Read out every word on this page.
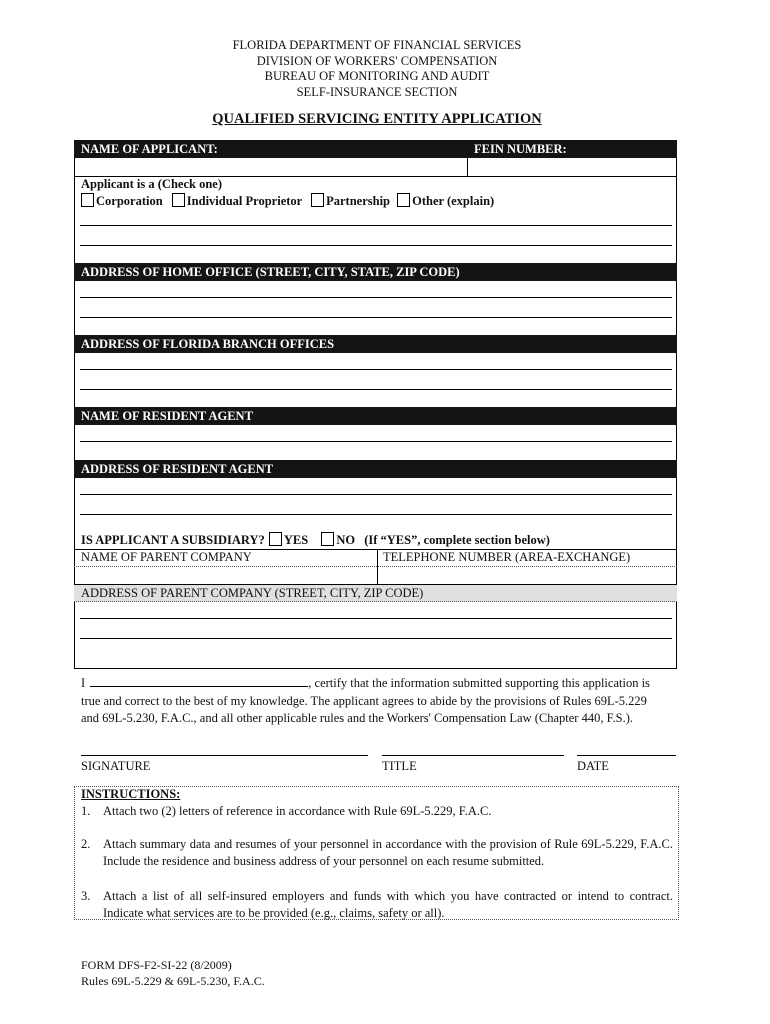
FLORIDA DEPARTMENT OF FINANCIAL SERVICES
DIVISION OF WORKERS' COMPENSATION
BUREAU OF MONITORING AND AUDIT
SELF-INSURANCE SECTION
QUALIFIED SERVICING ENTITY APPLICATION
NAME OF APPLICANT:	FEIN NUMBER:
Applicant is a (Check one)
Corporation Individual Proprietor Partnership Other (explain)
ADDRESS OF HOME OFFICE (STREET, CITY, STATE, ZIP CODE)
ADDRESS OF FLORIDA BRANCH OFFICES
NAME OF RESIDENT AGENT
ADDRESS OF RESIDENT AGENT
IS APPLICANT A SUBSIDIARY? YES NO (If “YES”, complete section below)
NAME OF PARENT COMPANY	TELEPHONE NUMBER (AREA-EXCHANGE)
ADDRESS OF PARENT COMPANY (STREET, CITY, ZIP CODE)
I	, certify that the information submitted supporting this application is
true and correct to the best of my knowledge. The applicant agrees to abide by the provisions of Rules 69L-5.229
and 69L-5.230, F.A.C., and all other applicable rules and the Workers' Compensation Law (Chapter 440, F.S.).
SIGNATURE	TITLE	DATE
INSTRUCTIONS:
1. Attach two (2) letters of reference in accordance with Rule 69L-5.229, F.A.C.
2. Attach summary data and resumes of your personnel in accordance with the provision of Rule 69L-5.229, F.A.C. Include the residence and business address of your personnel on each resume submitted.
3. Attach a list of all self-insured employers and funds with which you have contracted or intend to contract. Indicate what services are to be provided (e.g., claims, safety or all).
FORM DFS-F2-SI-22 (8/2009)
Rules 69L-5.229 & 69L-5.230, F.A.C.
